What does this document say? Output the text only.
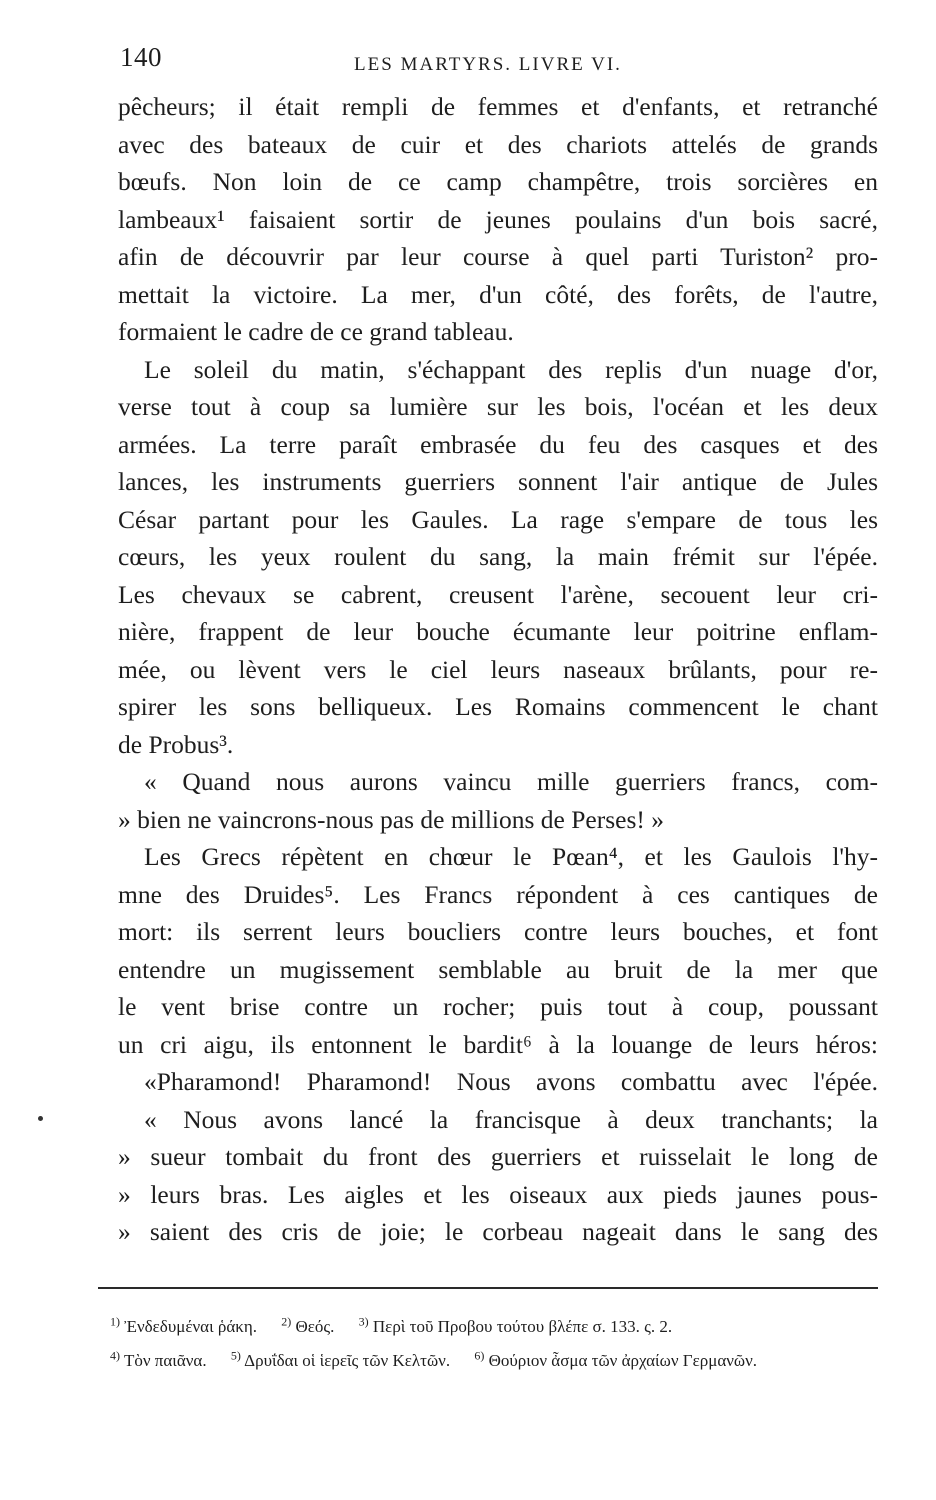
140	LES MARTYRS. LIVRE VI.
pêcheurs; il était rempli de femmes et d'enfants, et retranché
avec des bateaux de cuir et des chariots attelés de grands
bœufs. Non loin de ce camp champêtre, trois sorcières en
lambeaux¹ faisaient sortir de jeunes poulains d'un bois sacré,
afin de découvrir par leur course à quel parti Turiston² pro-
mettait la victoire. La mer, d'un côté, des forêts, de l'autre,
formaient le cadre de ce grand tableau.
Le soleil du matin, s'échappant des replis d'un nuage d'or,
verse tout à coup sa lumière sur les bois, l'océan et les deux
armées. La terre paraît embrasée du feu des casques et des
lances, les instruments guerriers sonnent l'air antique de Jules
César partant pour les Gaules. La rage s'empare de tous les
cœurs, les yeux roulent du sang, la main frémit sur l'épée.
Les chevaux se cabrent, creusent l'arène, secouent leur cri-
nière, frappent de leur bouche écumante leur poitrine enflam-
mée, ou lèvent vers le ciel leurs naseaux brûlants, pour re-
spirer les sons belliqueux. Les Romains commencent le chant
de Probus³.
« Quand nous aurons vaincu mille guerriers francs, com-
» bien ne vaincrons-nous pas de millions de Perses! »
Les Grecs répètent en chœur le Pœan⁴, et les Gaulois l'hy-
mne des Druides⁵. Les Francs répondent à ces cantiques de
mort: ils serrent leurs boucliers contre leurs bouches, et font
entendre un mugissement semblable au bruit de la mer que
le vent brise contre un rocher; puis tout à coup, poussant
un cri aigu, ils entonnent le bardit⁶ à la louange de leurs héros:
«Pharamond! Pharamond! Nous avons combattu avec l'épée.
« Nous avons lancé la francisque à deux tranchants; la
» sueur tombait du front des guerriers et ruisselait le long de
» leurs bras. Les aigles et les oiseaux aux pieds jaunes pous-
» saient des cris de joie; le corbeau nageait dans le sang des
$^{1)}$ Ἐνδεδυμέναι ῥάκη. $^{2)}$ Θεός. $^{3)}$ Περὶ τοῦ Προβου τούτου βλέπε σ. 133. ς. 2.
$^{4)}$ Τὸν παιᾶνα. $^{5)}$ Δρυΐδαι οἱ ἱερεῖς τῶν Κελτῶν. $^{6)}$ Θούριον ἆσμα τῶν ἀρχαίων Γερμανῶν.
